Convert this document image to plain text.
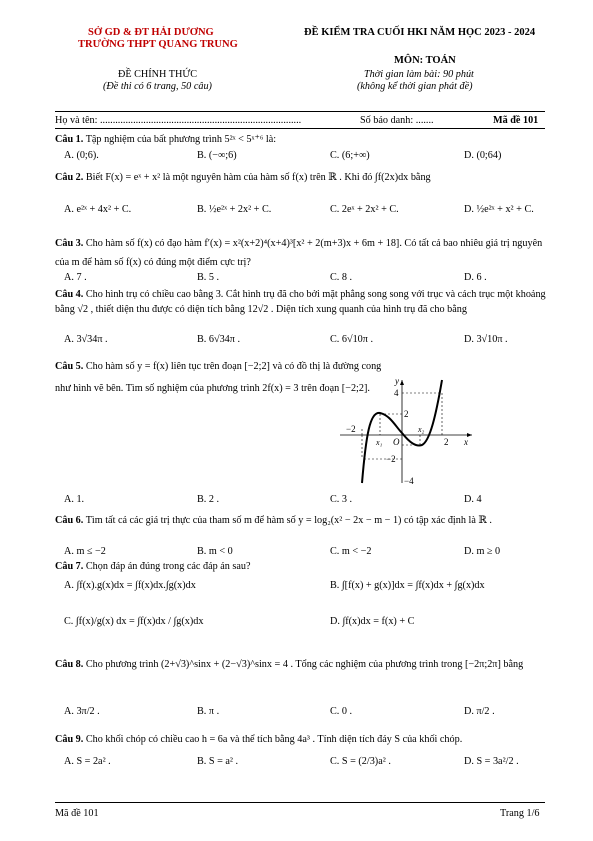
SỞ GD & ĐT HẢI DƯƠNG
TRƯỜNG THPT QUANG TRUNG
ĐỀ KIỂM TRA CUỐI HKI NĂM HỌC 2023 - 2024
MÔN: TOÁN
ĐỀ CHÍNH THỨC
(Đề thi có 6 trang, 50 câu)
Thời gian làm bài: 90 phút
(không kể thời gian phát đề)
Họ và tên: ...............................................................................	Số báo danh: .......	Mã đề 101
Câu 1. Tập nghiệm của bất phương trình 5²ˣ < 5ˣ⁺⁶ là:
A. (0;6).	B. (−∞;6)	C. (6;+∞)	D. (0;64)
Câu 2. Biết F(x) = eˣ + x² là một nguyên hàm của hàm số f(x) trên ℝ . Khi đó ∫f(2x)dx bằng
A. e²ˣ + 4x² + C.	B. ½e²ˣ + 2x² + C.	C. 2eˣ + 2x² + C.	D. ½e²ˣ + x² + C.
Câu 3. Cho hàm số f(x) có đạo hàm f′(x) = x²(x+2)⁴(x+4)³[x² + 2(m+3)x + 6m + 18]. Có tất cả bao nhiêu giá trị nguyên của m để hàm số f(x) có đúng một điểm cực trị?
A. 7 .	B. 5 .	C. 8 .	D. 6 .
Câu 4. Cho hình trụ có chiều cao bằng 3. Cắt hình trụ đã cho bởi mặt phẳng song song với trục và cách trục một khoảng bằng √2 , thiết diện thu được có diện tích bằng 12√2 . Diện tích xung quanh của hình trụ đã cho bằng
A. 3√34π .	B. 6√34π .	C. 6√10π .	D. 3√10π .
Câu 5. Cho hàm số y = f(x) liên tục trên đoạn [−2;2] và có đồ thị là đường cong như hình vẽ bên. Tìm số nghiệm của phương trình 2f(x) = 3 trên đoạn [−2;2].
y
x
4
2
−2
−4
−2
2
x₁ O
x₂
A. 1.	B. 2 .	C. 3 .	D. 4
Câu 6. Tìm tất cả các giá trị thực của tham số m để hàm số y = log₂(x² − 2x − m − 1) có tập xác định là ℝ .
A. m ≤ −2	B. m < 0	C. m < −2	D. m ≥ 0
Câu 7. Chọn đáp án đúng trong các đáp án sau?
A. ∫f(x).g(x)dx = ∫f(x)dx.∫g(x)dx	B. ∫[f(x) + g(x)]dx = ∫f(x)dx + ∫g(x)dx
C. ∫f(x)/g(x) dx = ∫f(x)dx / ∫g(x)dx	D. ∫f(x)dx = f(x) + C
Câu 8. Cho phương trình (2+√3)^sinx + (2−√3)^sinx = 4 . Tổng các nghiệm của phương trình trong [−2π;2π] bằng
A. 3π/2 .	B. π .	C. 0 .	D. π/2 .
Câu 9. Cho khối chóp có chiều cao h = 6a và thể tích bằng 4a³ . Tính diện tích đáy S của khối chóp.
A. S = 2a² .	B. S = a² .	C. S = (2/3)a² .	D. S = 3a²/2 .
Mã đề 101	Trang 1/6
